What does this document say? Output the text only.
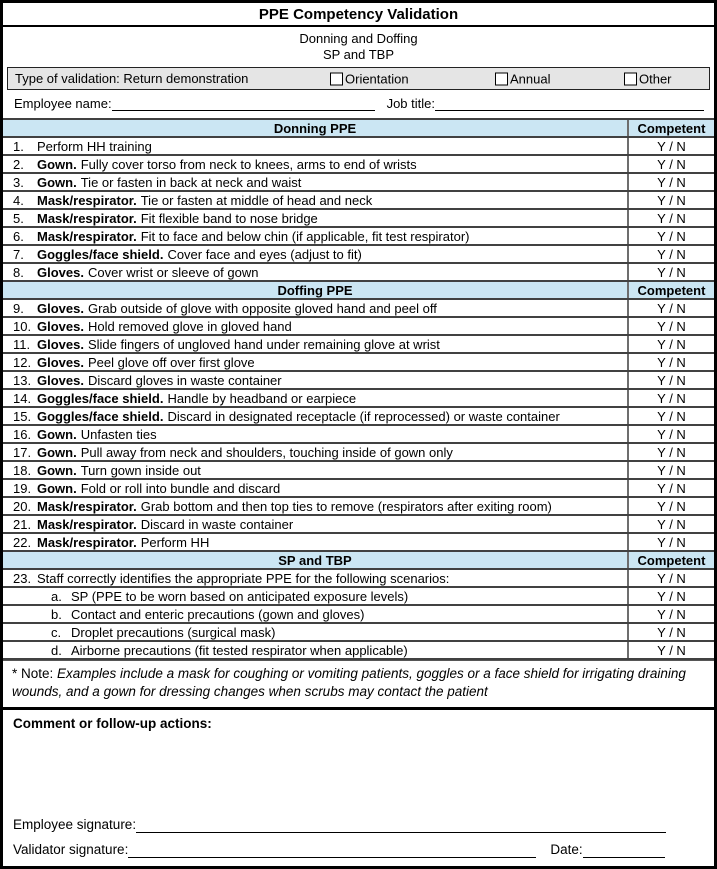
PPE Competency Validation
Donning and Doffing
SP and TBP
Type of validation: Return demonstration	Orientation	Annual	Other
Employee name:	Job title:
Donning PPE	Competent
1. Perform HH training	Y / N
2. Gown. Fully cover torso from neck to knees, arms to end of wrists	Y / N
3. Gown. Tie or fasten in back at neck and waist	Y / N
4. Mask/respirator. Tie or fasten at middle of head and neck	Y / N
5. Mask/respirator. Fit flexible band to nose bridge	Y / N
6. Mask/respirator. Fit to face and below chin (if applicable, fit test respirator)	Y / N
7. Goggles/face shield. Cover face and eyes (adjust to fit)	Y / N
8. Gloves. Cover wrist or sleeve of gown	Y / N
Doffing PPE	Competent
9. Gloves. Grab outside of glove with opposite gloved hand and peel off	Y / N
10. Gloves. Hold removed glove in gloved hand	Y / N
11. Gloves. Slide fingers of ungloved hand under remaining glove at wrist	Y / N
12. Gloves. Peel glove off over first glove	Y / N
13. Gloves. Discard gloves in waste container	Y / N
14. Goggles/face shield. Handle by headband or earpiece	Y / N
15. Goggles/face shield. Discard in designated receptacle (if reprocessed) or waste container	Y / N
16. Gown. Unfasten ties	Y / N
17. Gown. Pull away from neck and shoulders, touching inside of gown only	Y / N
18. Gown. Turn gown inside out	Y / N
19. Gown. Fold or roll into bundle and discard	Y / N
20. Mask/respirator. Grab bottom and then top ties to remove (respirators after exiting room)	Y / N
21. Mask/respirator. Discard in waste container	Y / N
22. Mask/respirator. Perform HH	Y / N
SP and TBP	Competent
23. Staff correctly identifies the appropriate PPE for the following scenarios:	Y / N
a. SP (PPE to be worn based on anticipated exposure levels)	Y / N
b. Contact and enteric precautions (gown and gloves)	Y / N
c. Droplet precautions (surgical mask)	Y / N
d. Airborne precautions (fit tested respirator when applicable)	Y / N
* Note: Examples include a mask for coughing or vomiting patients, goggles or a face shield for irrigating draining wounds, and a gown for dressing changes when scrubs may contact the patient
Comment or follow-up actions:
Employee signature:
Validator signature:	Date:
